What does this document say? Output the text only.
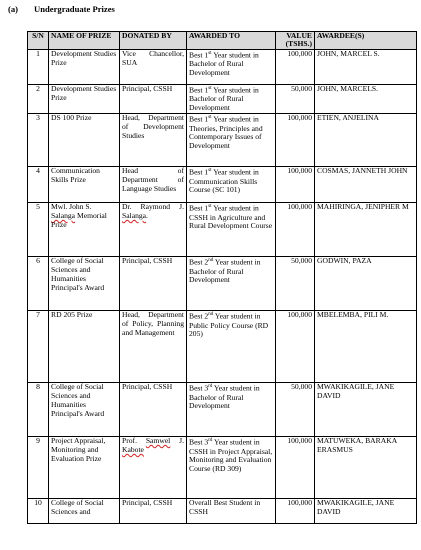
(a) Undergraduate Prizes
S/N	NAME OF PRIZE	DONATED BY	AWARDED TO	VALUE (TSHS.)	AWARDEE(S)
1	Development Studies Prize	Vice Chancellor, SUA	Best 1st Year student in Bachelor of Rural Development	100,000	JOHN, MARCEL S.
2	Development Studies Prize	Principal, CSSH	Best 1st Year student in Bachelor of Rural Development	50,000	JOHN, MARCELS.
3	DS 100 Prize	Head, Department of Development Studies	Best 1st Year student in Theories, Principles and Contemporary Issues of Development	100,000	ETIEN, ANJELINA
4	Communication Skills Prize	Head of Department of Language Studies	Best 1st Year student in Communication Skills Course (SC 101)	100,000	COSMAS, JANNETH JOHN
5	Mwl. John S. Salanga Memorial Prize	Dr. Raymond J. Salanga.	Best 1st Year student in CSSH in Agriculture and Rural Development Course	100,000	MAHIRINGA, JENIPHER M
6	College of Social Sciences and Humanities Principal's Award	Principal, CSSH	Best 2nd Year student in Bachelor of Rural Development	50,000	GODWIN, PAZA
7	RD 205 Prize	Head, Department of Policy, Planning and Management	Best 2nd Year student in Public Policy Course (RD 205)	100,000	MBELEMBA, PILI M.
8	College of Social Sciences and Humanities Principal's Award	Principal, CSSH	Best 3rd Year student in Bachelor of Rural Development	50,000	MWAKIKAGILE, JANE DAVID
9	Project Appraisal, Monitoring and Evaluation Prize	Prof. Samwel J. Kabote	Best 3rd Year student in CSSH in Project Appraisal, Monitoring and Evaluation Course (RD 309)	100,000	MATUWEKA, BARAKA ERASMUS
10	College of Social Sciences and	Principal, CSSH	Overall Best Student in CSSH	100,000	MWAKIKAGILE, JANE DAVID
